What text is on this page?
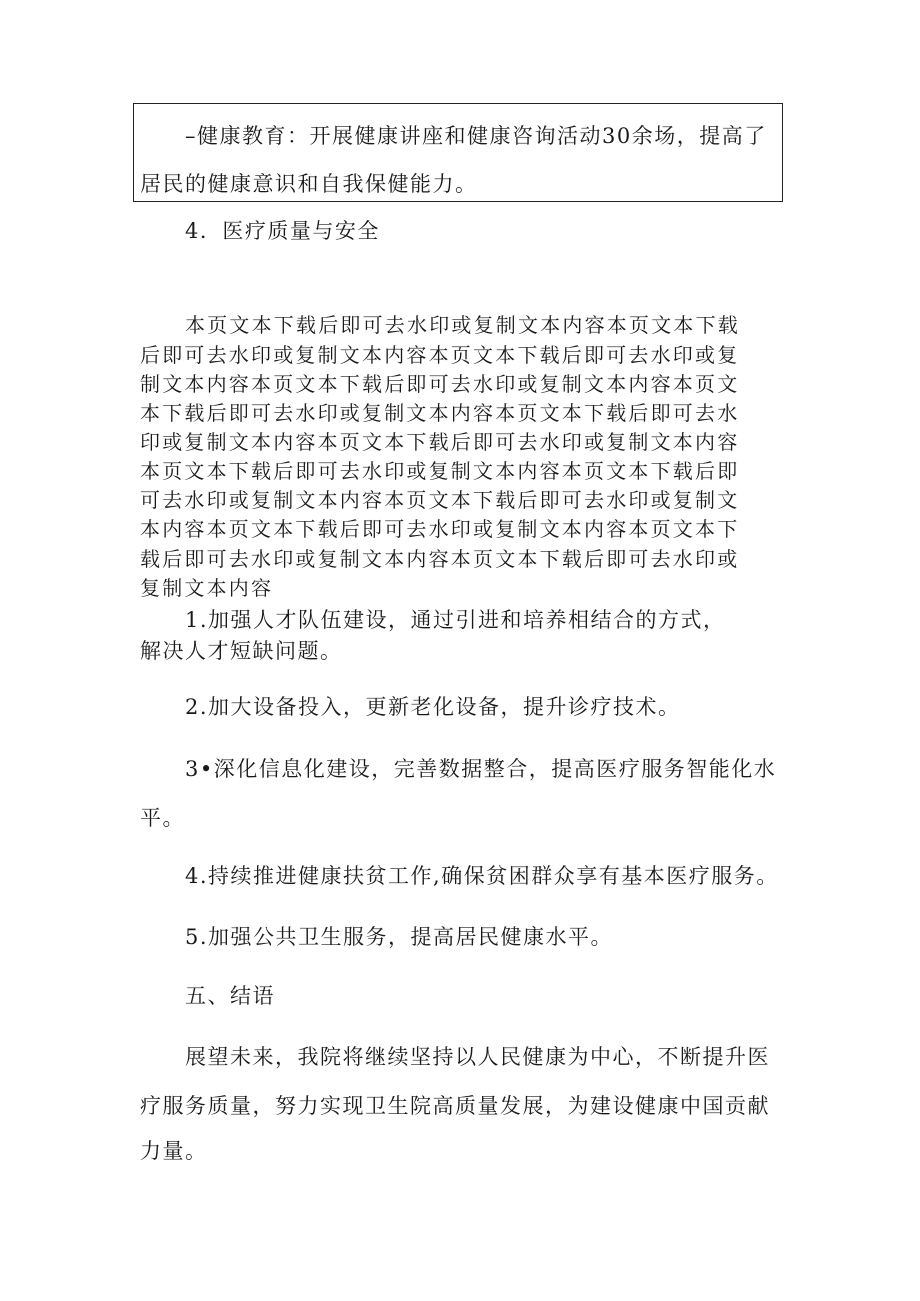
–健康教育：开展健康讲座和健康咨询活动30余场，提高了
居民的健康意识和自我保健能力。
4．医疗质量与安全
本页文本下载后即可去水印或复制文本内容本页文本下载
后即可去水印或复制文本内容本页文本下载后即可去水印或复
制文本内容本页文本下载后即可去水印或复制文本内容本页文
本下载后即可去水印或复制文本内容本页文本下载后即可去水
印或复制文本内容本页文本下载后即可去水印或复制文本内容
本页文本下载后即可去水印或复制文本内容本页文本下载后即
可去水印或复制文本内容本页文本下载后即可去水印或复制文
本内容本页文本下载后即可去水印或复制文本内容本页文本下
载后即可去水印或复制文本内容本页文本下载后即可去水印或
复制文本内容
1.加强人才队伍建设，通过引进和培养相结合的方式，
解决人才短缺问题。
2.加大设备投入，更新老化设备，提升诊疗技术。
3•深化信息化建设，完善数据整合，提高医疗服务智能化水
平。
4.持续推进健康扶贫工作,确保贫困群众享有基本医疗服务。
5.加强公共卫生服务，提高居民健康水平。
五、结语
展望未来，我院将继续坚持以人民健康为中心，不断提升医
疗服务质量，努力实现卫生院高质量发展，为建设健康中国贡献
力量。
